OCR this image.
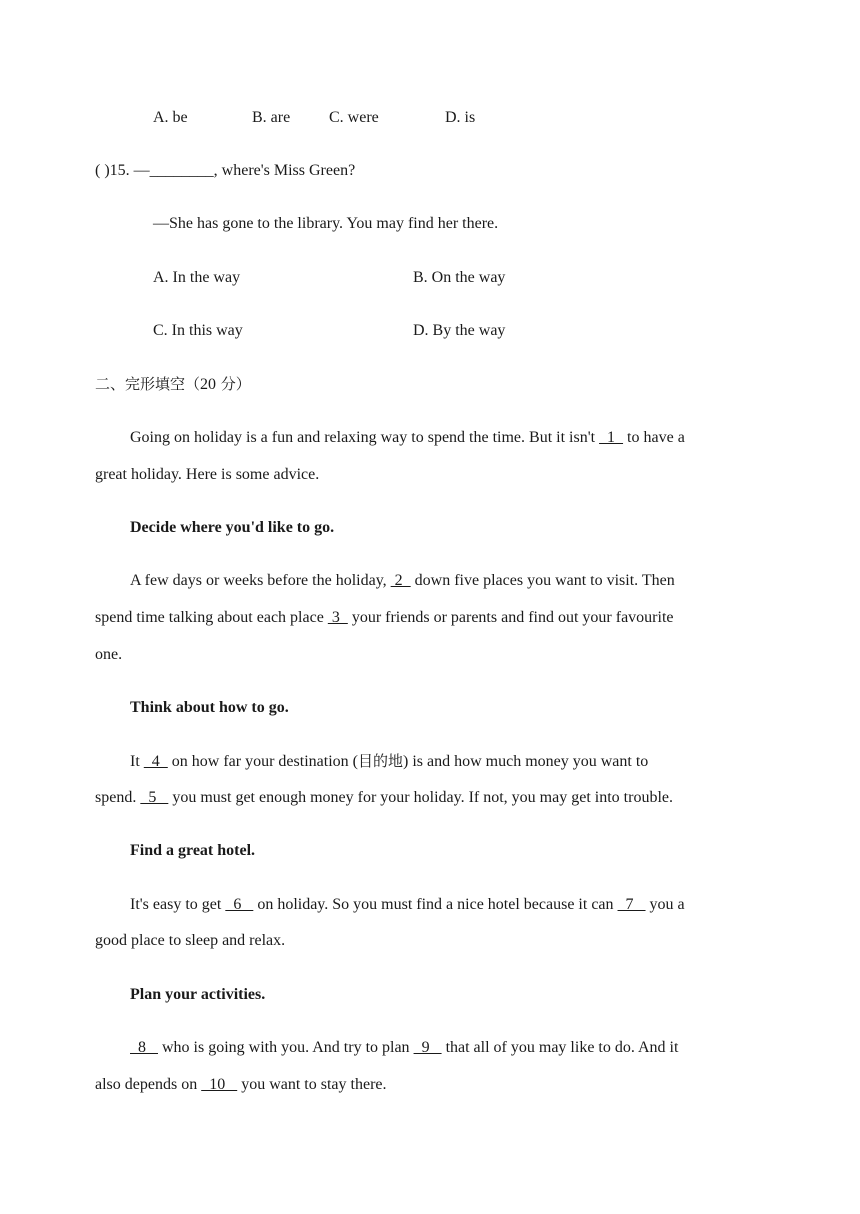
A. be	B. are C. were	D. is
( )15. —________, where's Miss Green?
—She has gone to the library. You may find her there.
A. In the way	B. On the way
C. In this way	D. By the way
二、完形填空（20 分）
Going on holiday is a fun and relaxing way to spend the time. But it isn't   1   to have a
great holiday. Here is some advice.
Decide where you'd like to go.
A few days or weeks before the holiday,  2   down five places you want to visit. Then
spend time talking about each place  3   your friends or parents and find out your favourite
one.
Think about how to go.
It   4   on how far your destination (目的地) is and how much money you want to
spend.   5    you must get enough money for your holiday. If not, you may get into trouble.
Find a great hotel.
It's easy to get   6    on holiday. So you must find a nice hotel because it can   7    you a
good place to sleep and relax.
Plan your activities.
8    who is going with you. And try to plan   9    that all of you may like to do. And it
also depends on   10    you want to stay there.
